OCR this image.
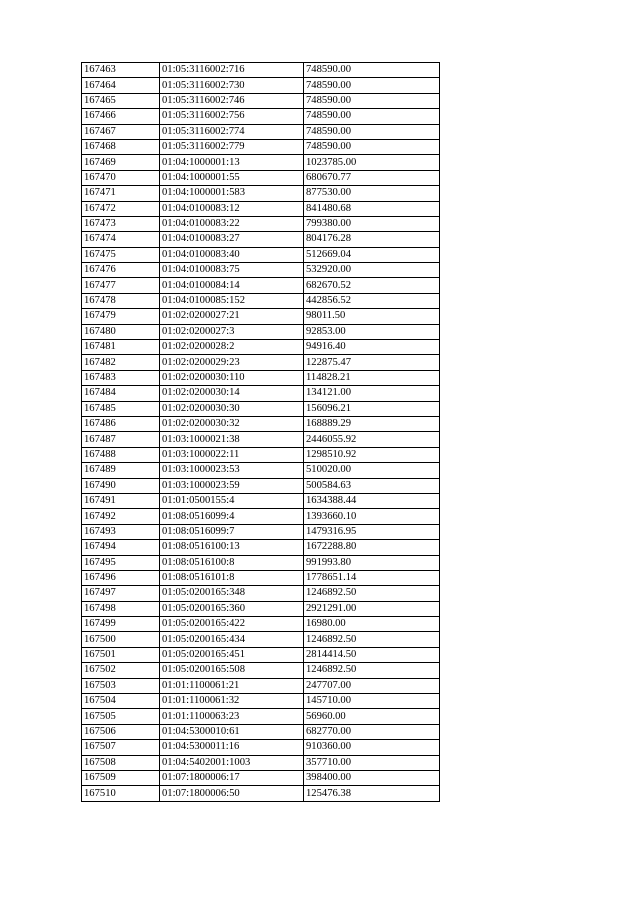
167463	01:05:3116002:716	748590.00
167464	01:05:3116002:730	748590.00
167465	01:05:3116002:746	748590.00
167466	01:05:3116002:756	748590.00
167467	01:05:3116002:774	748590.00
167468	01:05:3116002:779	748590.00
167469	01:04:1000001:13	1023785.00
167470	01:04:1000001:55	680670.77
167471	01:04:1000001:583	877530.00
167472	01:04:0100083:12	841480.68
167473	01:04:0100083:22	799380.00
167474	01:04:0100083:27	804176.28
167475	01:04:0100083:40	512669.04
167476	01:04:0100083:75	532920.00
167477	01:04:0100084:14	682670.52
167478	01:04:0100085:152	442856.52
167479	01:02:0200027:21	98011.50
167480	01:02:0200027:3	92853.00
167481	01:02:0200028:2	94916.40
167482	01:02:0200029:23	122875.47
167483	01:02:0200030:110	114828.21
167484	01:02:0200030:14	134121.00
167485	01:02:0200030:30	156096.21
167486	01:02:0200030:32	168889.29
167487	01:03:1000021:38	2446055.92
167488	01:03:1000022:11	1298510.92
167489	01:03:1000023:53	510020.00
167490	01:03:1000023:59	500584.63
167491	01:01:0500155:4	1634388.44
167492	01:08:0516099:4	1393660.10
167493	01:08:0516099:7	1479316.95
167494	01:08:0516100:13	1672288.80
167495	01:08:0516100:8	991993.80
167496	01:08:0516101:8	1778651.14
167497	01:05:0200165:348	1246892.50
167498	01:05:0200165:360	2921291.00
167499	01:05:0200165:422	16980.00
167500	01:05:0200165:434	1246892.50
167501	01:05:0200165:451	2814414.50
167502	01:05:0200165:508	1246892.50
167503	01:01:1100061:21	247707.00
167504	01:01:1100061:32	145710.00
167505	01:01:1100063:23	56960.00
167506	01:04:5300010:61	682770.00
167507	01:04:5300011:16	910360.00
167508	01:04:5402001:1003	357710.00
167509	01:07:1800006:17	398400.00
167510	01:07:1800006:50	125476.38
